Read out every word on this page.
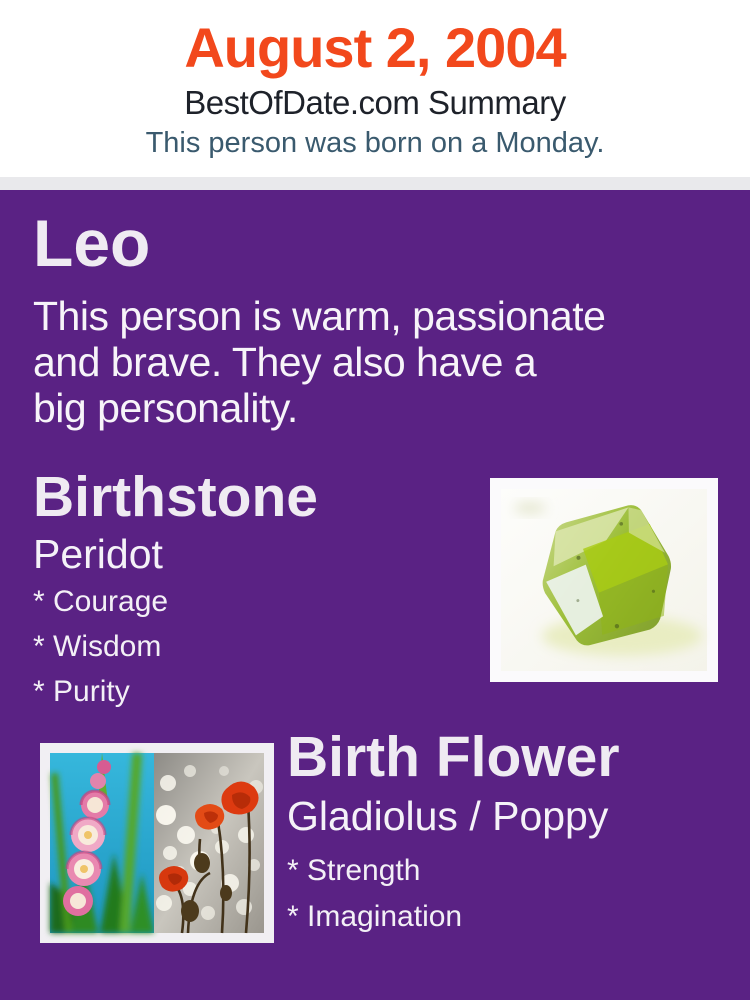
August 2, 2004
BestOfDate.com Summary
This person was born on a Monday.
Leo
This person is warm, passionate
and brave. They also have a
big personality.
Birthstone
Peridot
* Courage
* Wisdom
* Purity
Birth Flower
Gladiolus / Poppy
* Strength
* Imagination
